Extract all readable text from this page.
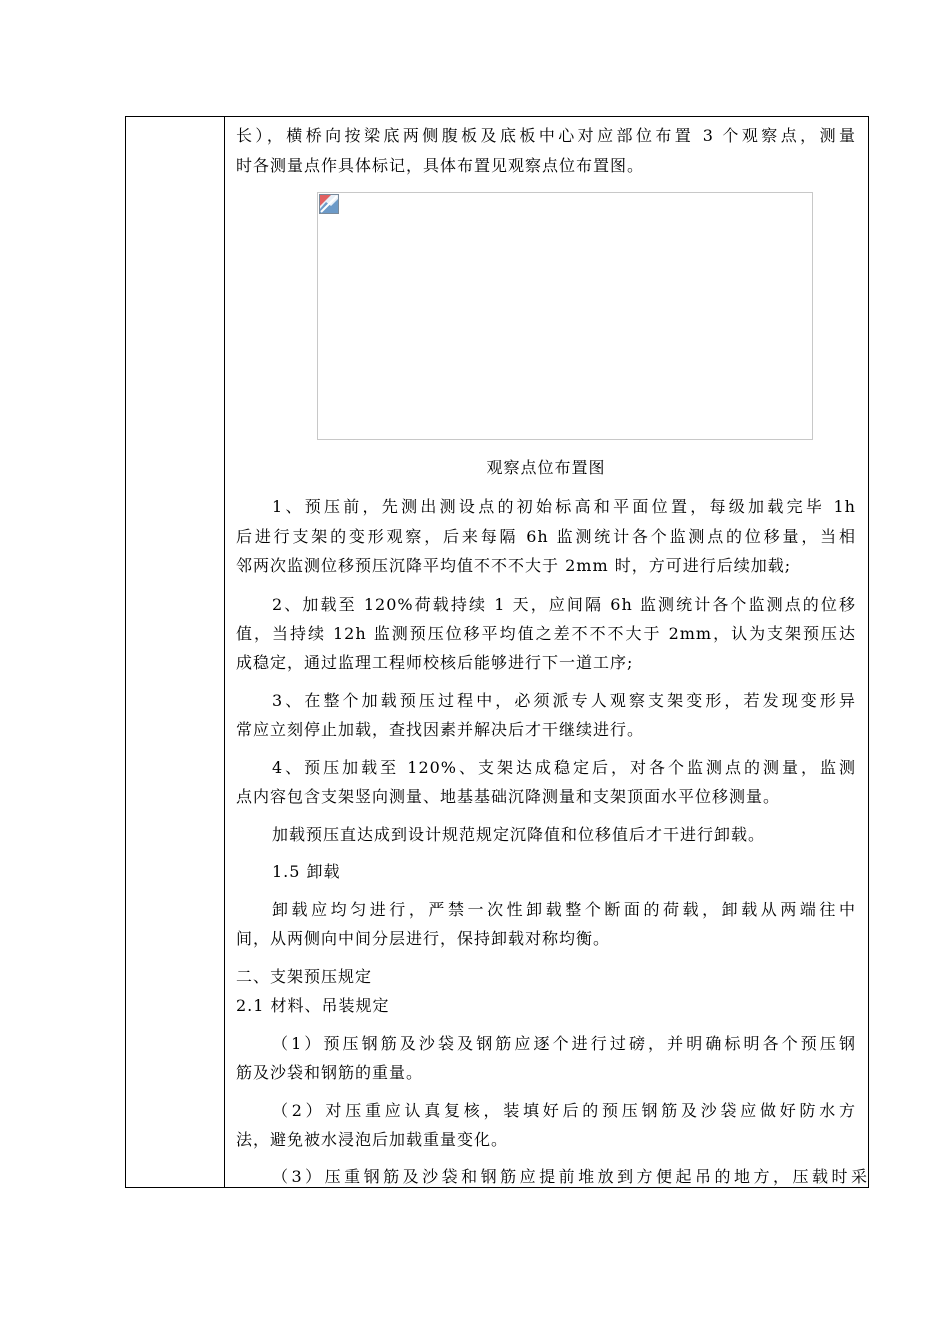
长），横桥向按梁底两侧腹板及底板中心对应部位布置 3 个观察点，测量
时各测量点作具体标记，具体布置见观察点位布置图。
观察点位布置图
1、预压前，先测出测设点的初始标高和平面位置，每级加载完毕 1h
后进行支架的变形观察，后来每隔 6h 监测统计各个监测点的位移量，当相
邻两次监测位移预压沉降平均值不不不大于 2mm 时，方可进行后续加载;
2、加载至 120%荷载持续 1 天，应间隔 6h 监测统计各个监测点的位移
值，当持续 12h 监测预压位移平均值之差不不不大于 2mm，认为支架预压达
成稳定，通过监理工程师校核后能够进行下一道工序;
3、在整个加载预压过程中，必须派专人观察支架变形，若发现变形异
常应立刻停止加载，查找因素并解决后才干继续进行。
4、预压加载至 120%、支架达成稳定后，对各个监测点的测量，监测
点内容包含支架竖向测量、地基基础沉降测量和支架顶面水平位移测量。
加载预压直达成到设计规范规定沉降值和位移值后才干进行卸载。
1.5 卸载
卸载应均匀进行，严禁一次性卸载整个断面的荷载，卸载从两端往中
间，从两侧向中间分层进行，保持卸载对称均衡。
二、支架预压规定
2.1 材料、吊装规定
（1）预压钢筋及沙袋及钢筋应逐个进行过磅，并明确标明各个预压钢
筋及沙袋和钢筋的重量。
（2）对压重应认真复核，装填好后的预压钢筋及沙袋应做好防水方
法，避免被水浸泡后加载重量变化。
（3）压重钢筋及沙袋和钢筋应提前堆放到方便起吊的地方，压载时采
